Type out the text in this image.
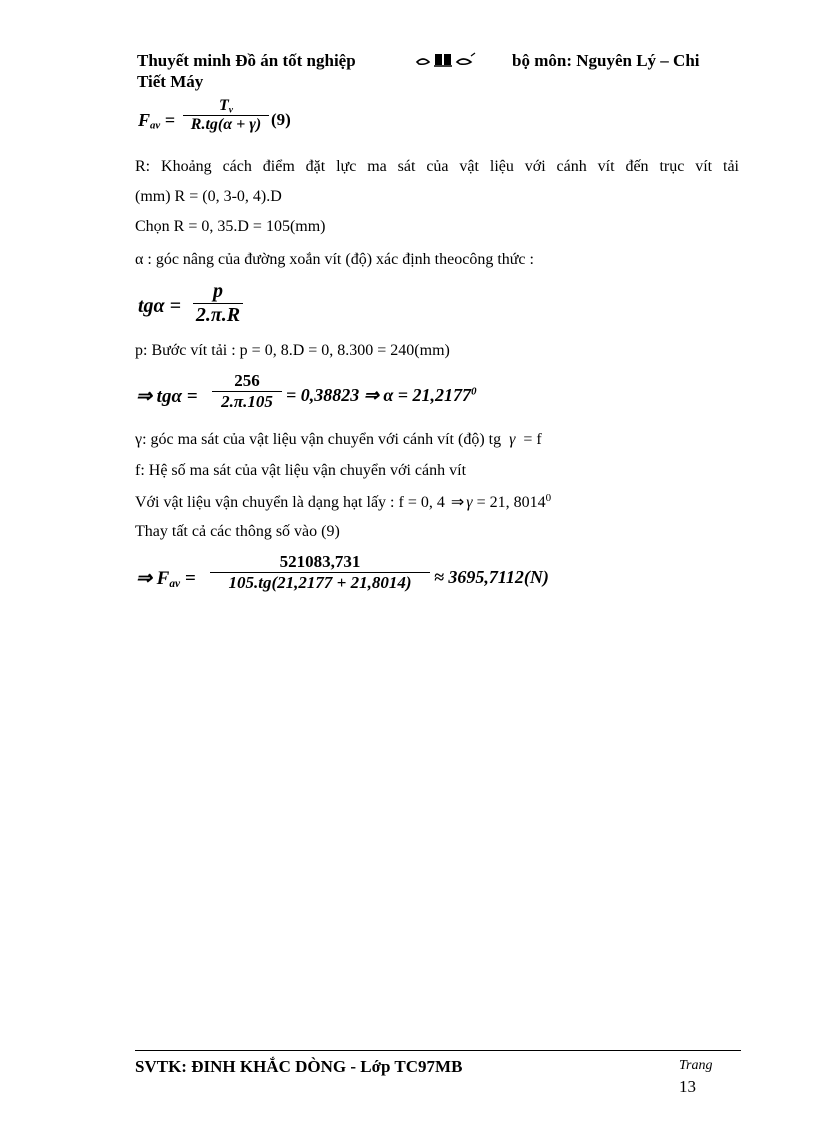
Thuyết minh Đồ án tốt nghiệp	bộ môn: Nguyên Lý – Chi
Tiết Máy
$F_{av}$ =
$T_v$
R.tg(α + γ) (9)
R: Khoảng cách điểm đặt lực ma sát của vật liệu với cánh vít đến trục vít tải
(mm) R = (0, 3-0, 4).D
Chọn R = 0, 35.D = 105(mm)
α : góc nâng của đường xoắn vít (độ) xác định theocông thức :
tgα =
p
2.π.R
p: Bước vít tải : p = 0, 8.D = 0, 8.300 = 240(mm)
⇒ tgα =
256
2.π.105 = 0,38823 ⇒ $\alpha = 21,2177^0$
γ: góc ma sát của vật liệu vận chuyển với cánh vít (độ) tg γ = f
f: Hệ số ma sát của vật liệu vận chuyển với cánh vít
Với vật liệu vận chuyển là dạng hạt lấy : f = 0, 4 ⇒ γ = 21, 8014$^0$
Thay tất cả các thông số vào (9)
⇒ $F_{av}$ =
521083,731
105.tg(21,2177 + 21,8014) ≈ 3695,7112(N)
SVTK: ĐINH KHẮC DÒNG - Lớp TC97MB	Trang
13
